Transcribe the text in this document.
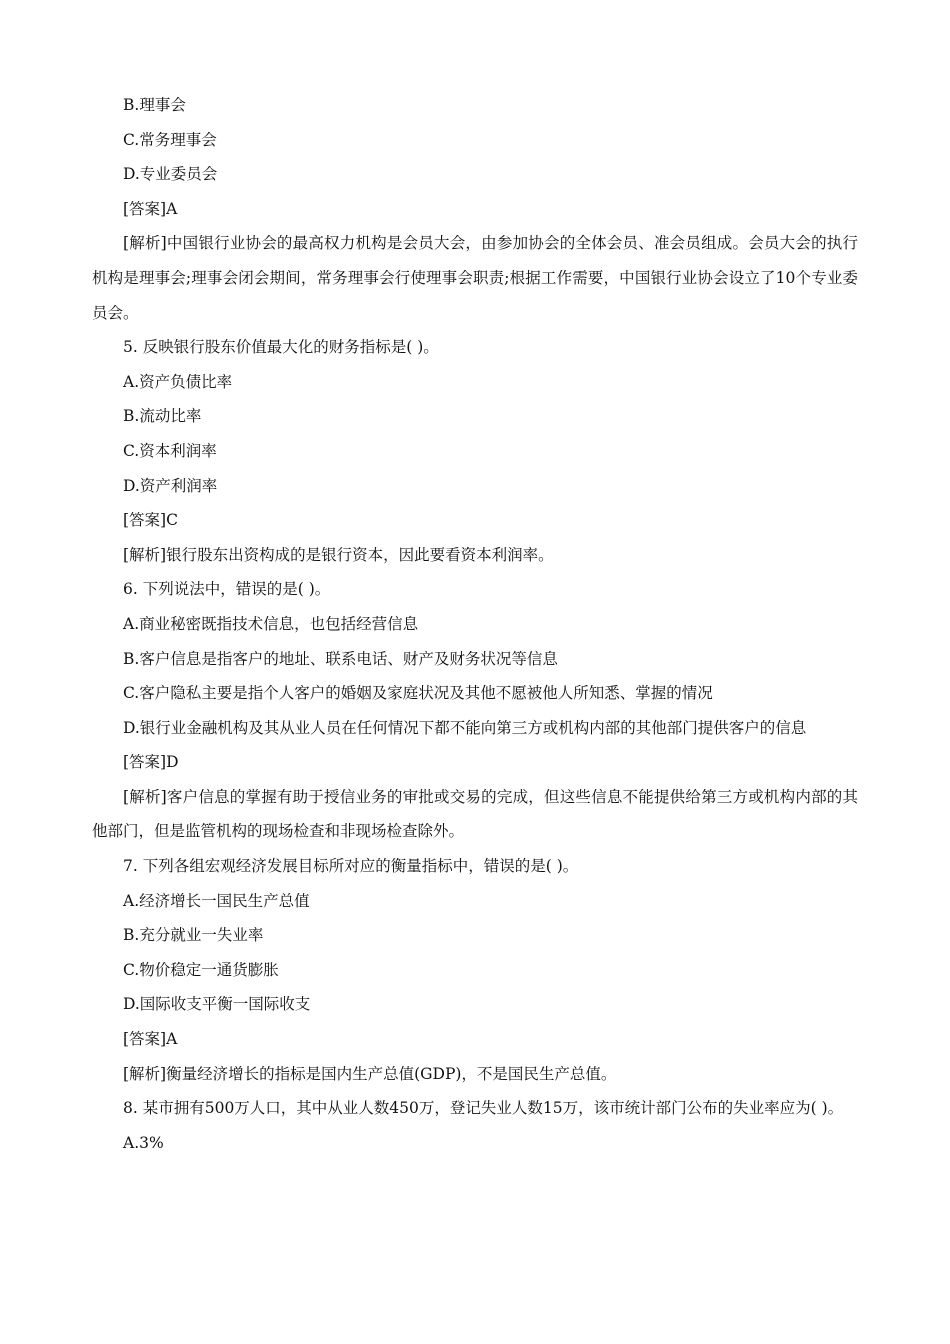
B.理事会

C.常务理事会

D.专业委员会

[答案]A

[解析]中国银行业协会的最高权力机构是会员大会，由参加协会的全体会员、准会员组成。会员大会的执行机构是理事会;理事会闭会期间，常务理事会行使理事会职责;根据工作需要，中国银行业协会设立了10个专业委员会。

5. 反映银行股东价值最大化的财务指标是( )。

A.资产负债比率

B.流动比率

C.资本利润率

D.资产利润率

[答案]C

[解析]银行股东出资构成的是银行资本，因此要看资本利润率。

6. 下列说法中，错误的是( )。

A.商业秘密既指技术信息，也包括经营信息

B.客户信息是指客户的地址、联系电话、财产及财务状况等信息

C.客户隐私主要是指个人客户的婚姻及家庭状况及其他不愿被他人所知悉、掌握的情况

D.银行业金融机构及其从业人员在任何情况下都不能向第三方或机构内部的其他部门提供客户的信息

[答案]D

[解析]客户信息的掌握有助于授信业务的审批或交易的完成，但这些信息不能提供给第三方或机构内部的其他部门，但是监管机构的现场检查和非现场检查除外。

7. 下列各组宏观经济发展目标所对应的衡量指标中，错误的是( )。

A.经济增长一国民生产总值

B.充分就业一失业率

C.物价稳定一通货膨胀

D.国际收支平衡一国际收支

[答案]A

[解析]衡量经济增长的指标是国内生产总值(GDP)，不是国民生产总值。

8. 某市拥有500万人口，其中从业人数450万，登记失业人数15万，该市统计部门公布的失业率应为( )。

A.3%
